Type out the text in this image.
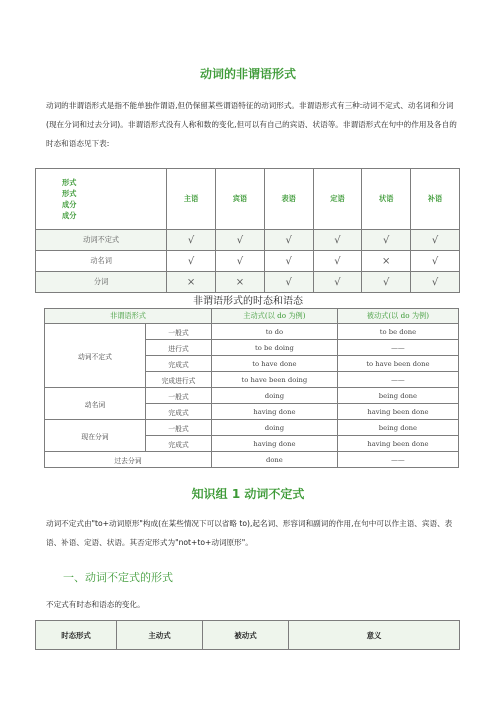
动词的非谓语形式
动词的非谓语形式是指不能单独作谓语,但仍保留某些谓语特征的动词形式。非谓语形式有三种:动词不定式、动名词和分词(现在分词和过去分词)。非谓语形式没有人称和数的变化,但可以有自己的宾语、状语等。非谓语形式在句中的作用及各自的时态和语态见下表:
形式
形式
成分
成分	主语	宾语	表语	定语	状语	补语
动词不定式	√	√	√	√	√	√
动名词	√	√	√	√	×	√
分词	×	×	√	√	√	√
非谓语形式的时态和语态
非谓语形式		主动式(以 do 为例)	被动式(以 do 为例)
动词不定式	一般式	to do	to be done
	进行式	to be doing	——
	完成式	to have done	to have been done
	完成进行式	to have been doing	——
动名词	一般式	doing	being done
	完成式	having done	having been done
现在分词	一般式	doing	being done
	完成式	having done	having been done
过去分词		done	——
知识组 1 动词不定式
动词不定式由"to+动词原形"构成(在某些情况下可以省略 to),起名词、形容词和副词的作用,在句中可以作主语、宾语、表语、补语、定语、状语。其否定形式为"not+to+动词原形"。
一、动词不定式的形式
不定式有时态和语态的变化。
时态形式	主动式	被动式	意义
